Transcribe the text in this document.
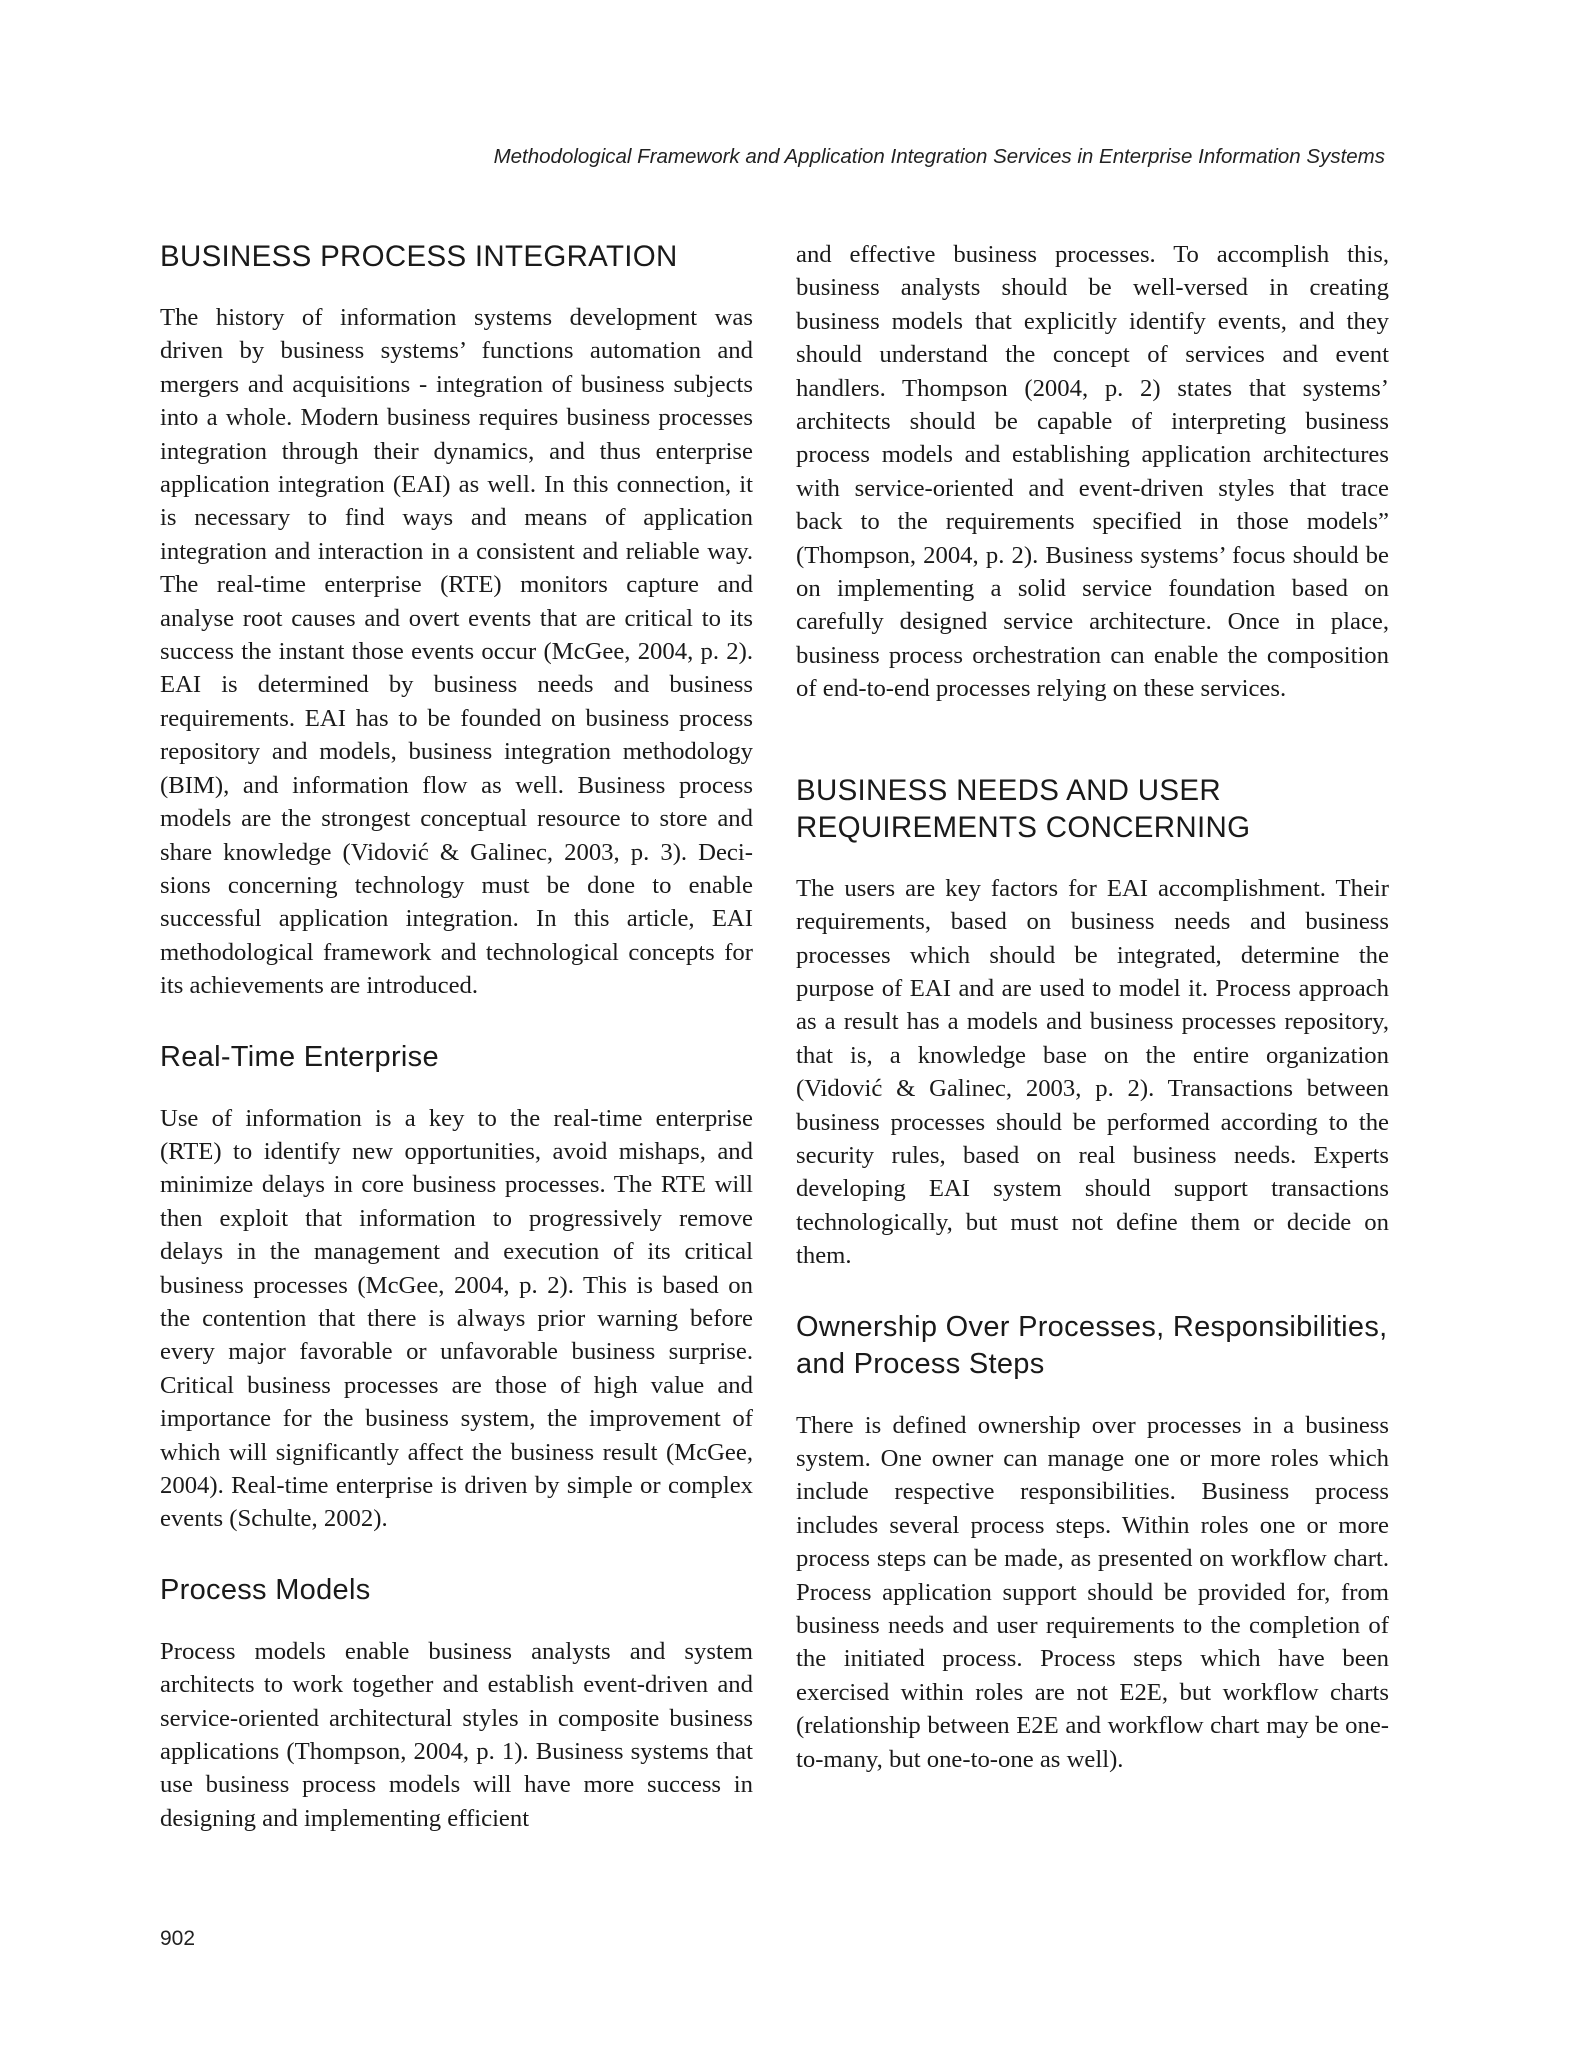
Methodological Framework and Application Integration Services in Enterprise Information Systems
BUSINESS PROCESS INTEGRATION

The history of information systems development was driven by business systems’ functions automation and mergers and acquisitions - integration of business subjects into a whole. Modern business requires business processes integration through their dynamics, and thus enterprise application integration (EAI) as well. In this connection, it is necessary to find ways and means of application integration and interaction in a consistent and reliable way. The real-time enterprise (RTE) monitors capture and analyse root causes and overt events that are critical to its success the instant those events occur (McGee, 2004, p. 2). EAI is determined by business needs and business requirements. EAI has to be founded on business process repository and models, business integration methodology (BIM), and information flow as well. Business process models are the strongest conceptual resource to store and share knowledge (Vidović & Galinec, 2003, p. 3). Decisions concerning technology must be done to enable successful application integration. In this article, EAI methodological framework and technological concepts for its achievements are introduced.

Real-Time Enterprise

Use of information is a key to the real-time enterprise (RTE) to identify new opportunities, avoid mishaps, and minimize delays in core business processes. The RTE will then exploit that information to progressively remove delays in the management and execution of its critical business processes (McGee, 2004, p. 2). This is based on the contention that there is always prior warning before every major favorable or unfavorable business surprise. Critical business processes are those of high value and importance for the business system, the improvement of which will significantly affect the business result (McGee, 2004). Real-time enterprise is driven by simple or complex events (Schulte, 2002).

Process Models

Process models enable business analysts and system architects to work together and establish event-driven and service-oriented architectural styles in composite business applications (Thompson, 2004, p. 1). Business systems that use business process models will have more success in designing and implementing efficient

and effective business processes. To accomplish this, business analysts should be well-versed in creating business models that explicitly identify events, and they should understand the concept of services and event handlers. Thompson (2004, p. 2) states that systems’ architects should be capable of interpreting business process models and establishing application architectures with service-oriented and event-driven styles that trace back to the requirements specified in those models” (Thompson, 2004, p. 2). Business systems’ focus should be on implementing a solid service foundation based on carefully designed service architecture. Once in place, business process orchestration can enable the composition of end-to-end processes relying on these services.

BUSINESS NEEDS AND USER REQUIREMENTS CONCERNING

The users are key factors for EAI accomplishment. Their requirements, based on business needs and business processes which should be integrated, determine the purpose of EAI and are used to model it. Process approach as a result has a models and business processes repository, that is, a knowledge base on the entire organization (Vidović & Galinec, 2003, p. 2). Transactions between business processes should be performed according to the security rules, based on real business needs. Experts developing EAI system should support transactions technologically, but must not define them or decide on them.

Ownership Over Processes, Responsibilities, and Process Steps

There is defined ownership over processes in a business system. One owner can manage one or more roles which include respective responsibilities. Business process includes several process steps. Within roles one or more process steps can be made, as presented on workflow chart. Process application support should be provided for, from business needs and user requirements to the completion of the initiated process. Process steps which have been exercised within roles are not E2E, but workflow charts (relationship between E2E and workflow chart may be one-to-many, but one-to-one as well).

902
